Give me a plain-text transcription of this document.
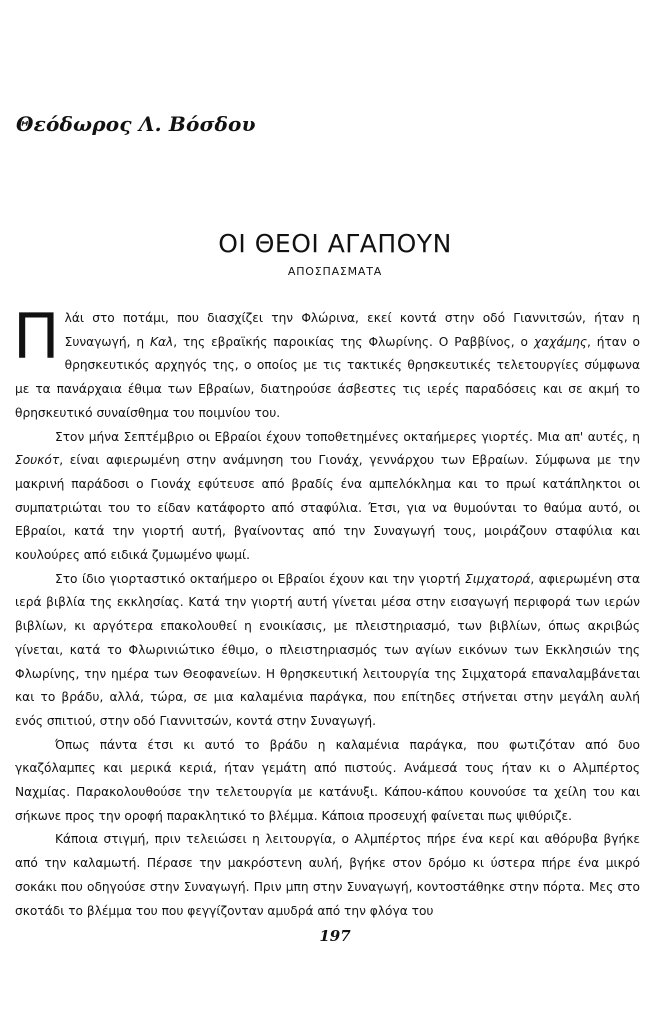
Θεόδωρος Λ. Βόσδου
ΟΙ ΘΕΟΙ ΑΓΑΠΟΥΝ
ΑΠΟΣΠΑΣΜΑΤΑ

Πλάι στο ποτάμι, που διασχίζει την Φλώρινα, εκεί κοντά στην οδό Γιαννιτσών, ήταν η Συναγωγή, η Καλ, της εβραϊκής παροικίας της Φλωρίνης. Ο Ραββίνος, ο χαχάμης, ήταν ο θρησκευτικός αρχηγός της, ο οποίος με τις τακτικές θρησκευτικές τελετουργίες σύμφωνα με τα πανάρχαια έθιμα των Εβραίων, διατηρούσε άσβεστες τις ιερές παραδόσεις και σε ακμή το θρησκευτικό συναίσθημα του ποιμνίου του.

Στον μήνα Σεπτέμβριο οι Εβραίοι έχουν τοποθετημένες οκταήμερες γιορτές. Μια απ' αυτές, η Σουκότ, είναι αφιερωμένη στην ανάμνηση του Γιονάχ, γεννάρχου των Εβραίων. Σύμφωνα με την μακρινή παράδοσι ο Γιονάχ εφύτευσε από βραδίς ένα αμπελόκλημα και το πρωί κατάπληκτοι οι συμπατριώται του το είδαν κατάφορτο από σταφύλια. Έτσι, για να θυμούνται το θαύμα αυτό, οι Εβραίοι, κατά την γιορτή αυτή, βγαίνοντας από την Συναγωγή τους, μοιράζουν σταφύλια και κουλούρες από ειδικά ζυμωμένο ψωμί.

Στο ίδιο γιορταστικό οκταήμερο οι Εβραίοι έχουν και την γιορτή Σιμχατορά, αφιερωμένη στα ιερά βιβλία της εκκλησίας. Κατά την γιορτή αυτή γίνεται μέσα στην εισαγωγή περιφορά των ιερών βιβλίων, κι αργότερα επακολουθεί η ενοικίασις, με πλειστηριασμό, των βιβλίων, όπως ακριβώς γίνεται, κατά το Φλωρινιώτικο έθιμο, ο πλειστηριασμός των αγίων εικόνων των Εκκλησιών της Φλωρίνης, την ημέρα των Θεοφανείων. Η θρησκευτική λειτουργία της Σιμχατορά επαναλαμβάνεται και το βράδυ, αλλά, τώρα, σε μια καλαμένια παράγκα, που επίτηδες στήνεται στην μεγάλη αυλή ενός σπιτιού, στην οδό Γιαννιτσών, κοντά στην Συναγωγή.

Όπως πάντα έτσι κι αυτό το βράδυ η καλαμένια παράγκα, που φωτιζόταν από δυο γκαζόλαμπες και μερικά κεριά, ήταν γεμάτη από πιστούς. Ανάμεσά τους ήταν κι ο Αλμπέρτος Ναχμίας. Παρακολουθούσε την τελετουργία με κατάνυξι. Κάπου-κάπου κουνούσε τα χείλη του και σήκωνε προς την οροφή παρακλητικό το βλέμμα. Κάποια προσευχή φαίνεται πως ψιθύριζε.

Κάποια στιγμή, πριν τελειώσει η λειτουργία, ο Αλμπέρτος πήρε ένα κερί και αθόρυβα βγήκε από την καλαμωτή. Πέρασε την μακρόστενη αυλή, βγήκε στον δρόμο κι ύστερα πήρε ένα μικρό σοκάκι που οδηγούσε στην Συναγωγή. Πριν μπη στην Συναγωγή, κοντοστάθηκε στην πόρτα. Μες στο σκοτάδι το βλέμμα του που φεγγίζονταν αμυδρά από την φλόγα του

197
